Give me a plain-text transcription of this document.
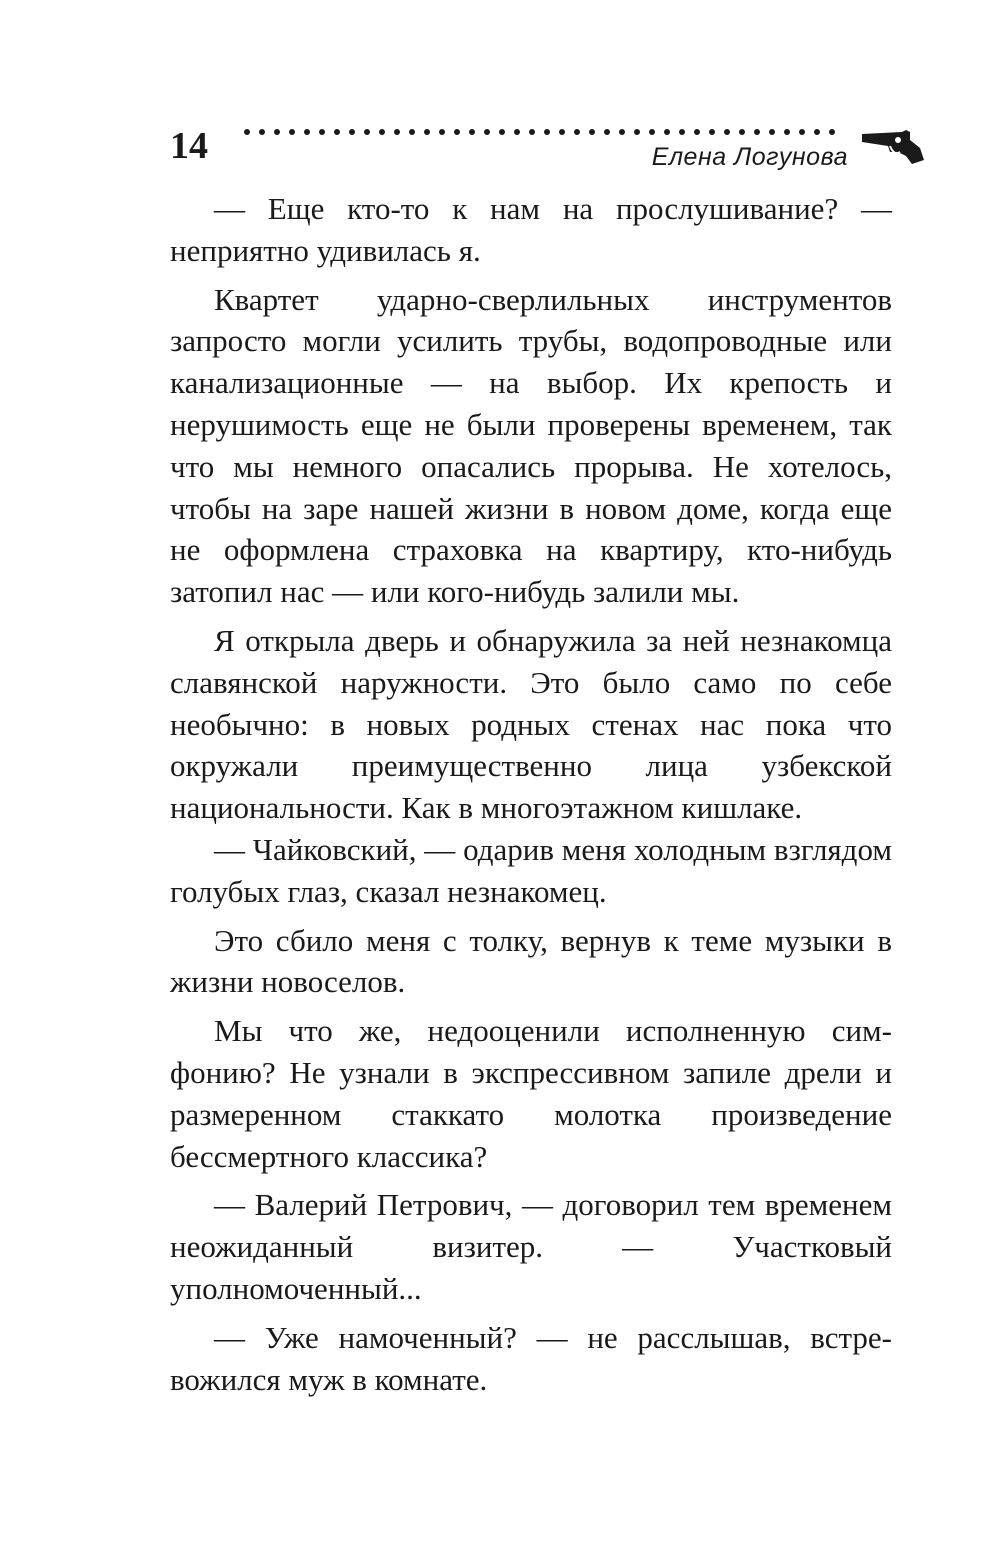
14	Елена Логунова

— Еще кто-то к нам на прослушивание? — неприятно удивилась я.

Квартет ударно-сверлильных инструментов запросто могли усилить трубы, водопроводные или канализационные — на выбор. Их крепость и нерушимость еще не были проверены временем, так что мы немного опасались прорыва. Не хотелось, чтобы на заре нашей жизни в новом доме, когда еще не оформлена страховка на квартиру, кто-нибудь затопил нас — или кого-нибудь залили мы.

Я открыла дверь и обнаружила за ней незнакомца славянской наружности. Это было само по себе необычно: в новых родных стенах нас пока что окружали преимущественно лица узбекской национальности. Как в многоэтажном кишлаке.

— Чайковский, — одарив меня холодным взглядом голубых глаз, сказал незнакомец.

Это сбило меня с толку, вернув к теме музыки в жизни новоселов.

Мы что же, недооценили исполненную симфонию? Не узнали в экспрессивном запиле дрели и размеренном стаккато молотка произведение бессмертного классика?

— Валерий Петрович, — договорил тем временем неожиданный визитер. — Участковый уполномоченный...

— Уже намоченный? — не расслышав, встревожился муж в комнате.
